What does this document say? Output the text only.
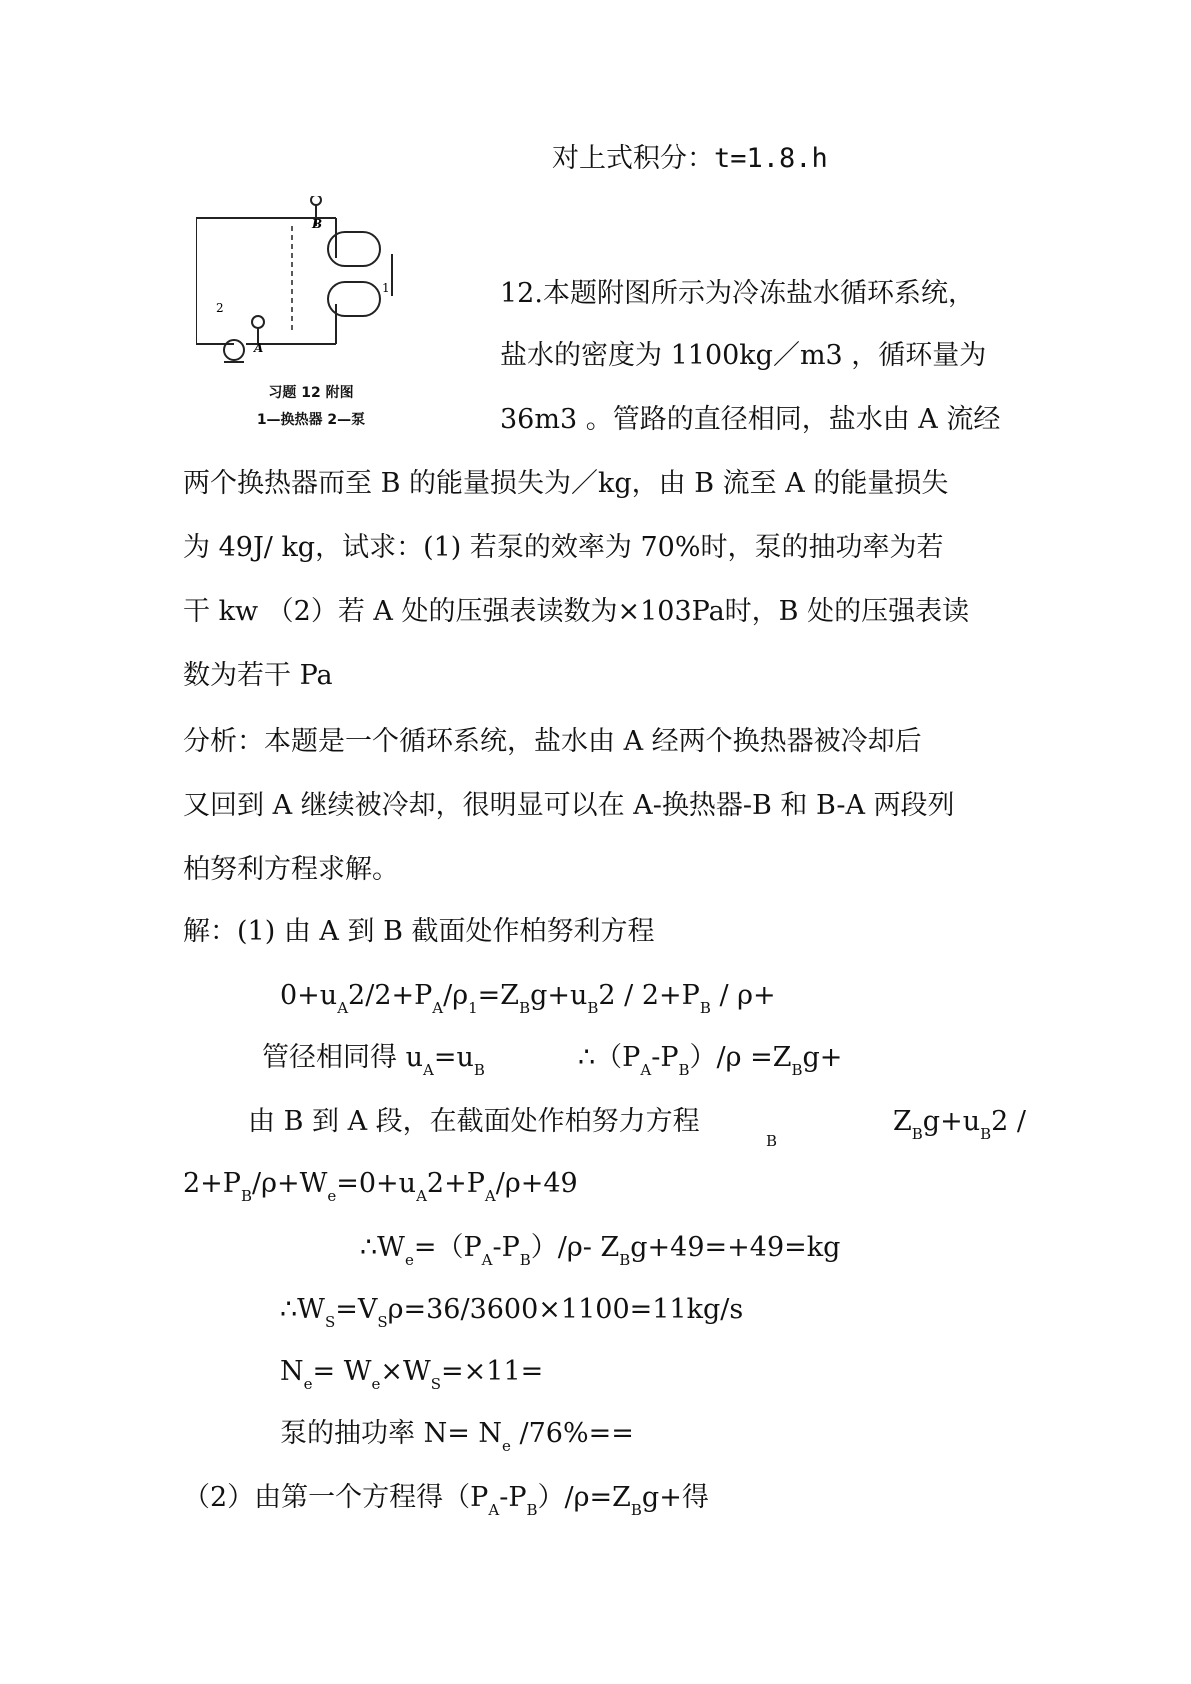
B
A
2
1
习题 12 附图
1—换热器 2—泵
对上式积分：t=1.8.h
12.本题附图所示为冷冻盐水循环系统，
盐水的密度为 1100kg／m3 ，循环量为
36m3 。管路的直径相同，盐水由 A 流经
两个换热器而至 B 的能量损失为／kg，由 B 流至 A 的能量损失
为 49J/ kg，试求：(1) 若泵的效率为 70%时，泵的抽功率为若
干 kw （2）若 A 处的压强表读数为×103Pa时，B 处的压强表读
数为若干 Pa
分析：本题是一个循环系统，盐水由 A 经两个换热器被冷却后
又回到 A 继续被冷却，很明显可以在 A-换热器-B 和 B-A 两段列
柏努利方程求解。
解：(1) 由 A 到 B 截面处作柏努利方程
$0+u_A2/2+P_A/\rho_1=Z_Bg+u_B2 / 2+P_B / \rho+$
管径相同得 $u_A=u_B$	$\therefore(P_A-P_B)/\rho =Z_Bg+$
由 B 到 A 段，在截面处作柏努力方程
B
$Z_Bg+u_B2$ /
$2+P_B/\rho+W_e=0+u_A2+P_A/\rho+49$
$\therefore W_e=(P_A-P_B)/\rho-$ $Z_Bg+49=+49=kg$
$\therefore W_S=V_S\rho=36/3600\times 1100=11kg/s$
$N_e= W_e\times W_S=\times 11=$
泵的抽功率 $N= N_e$ /76%==
（2）由第一个方程得$(P_A-P_B)/\rho=Z_Bg+$得
